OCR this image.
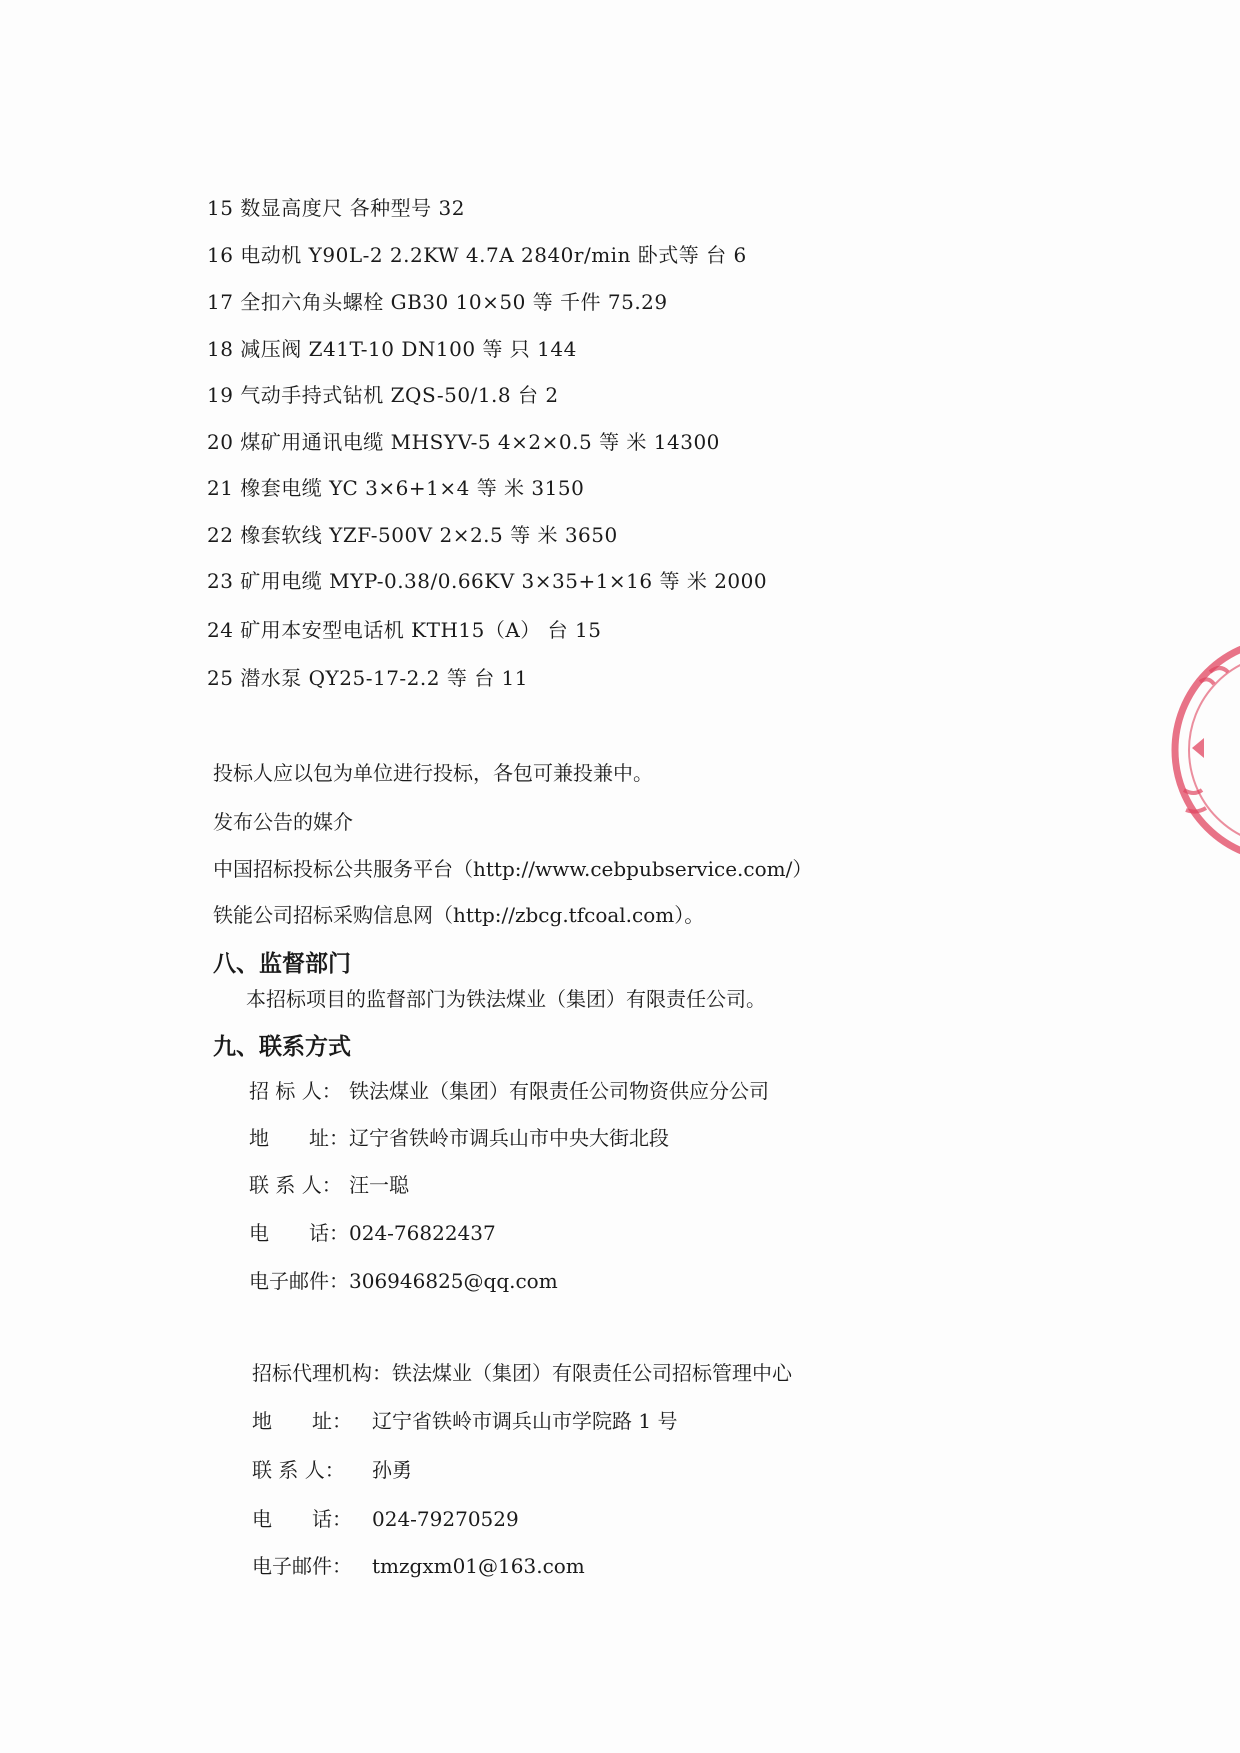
15 数显高度尺 各种型号 32
16 电动机 Y90L-2 2.2KW 4.7A 2840r/min 卧式等 台 6
17 全扣六角头螺栓 GB30 10×50 等 千件 75.29
18 减压阀 Z41T-10 DN100 等 只 144
19 气动手持式钻机 ZQS-50/1.8 台 2
20 煤矿用通讯电缆 MHSYV-5 4×2×0.5 等 米 14300
21 橡套电缆 YC 3×6+1×4 等 米 3150
22 橡套软线 YZF-500V 2×2.5 等 米 3650
23 矿用电缆 MYP-0.38/0.66KV 3×35+1×16 等 米 2000
24 矿用本安型电话机 KTH15（A） 台 15
25 潜水泵 QY25-17-2.2 等 台 11
投标人应以包为单位进行投标，各包可兼投兼中。
发布公告的媒介
中国招标投标公共服务平台（http://www.cebpubservice.com/）
铁能公司招标采购信息网（http://zbcg.tfcoal.com）。
八、监督部门
本招标项目的监督部门为铁法煤业（集团）有限责任公司。
九、联系方式
招 标 人： 铁法煤业（集团）有限责任公司物资供应分公司
地　　址：辽宁省铁岭市调兵山市中央大街北段
联 系 人： 汪一聪
电　　话：024-76822437
电子邮件：306946825@qq.com
招标代理机构：铁法煤业（集团）有限责任公司招标管理中心
地　　址： 辽宁省铁岭市调兵山市学院路 1 号
联 系 人： 孙勇
电　　话： 024-79270529
电子邮件： tmzgxm01@163.com
